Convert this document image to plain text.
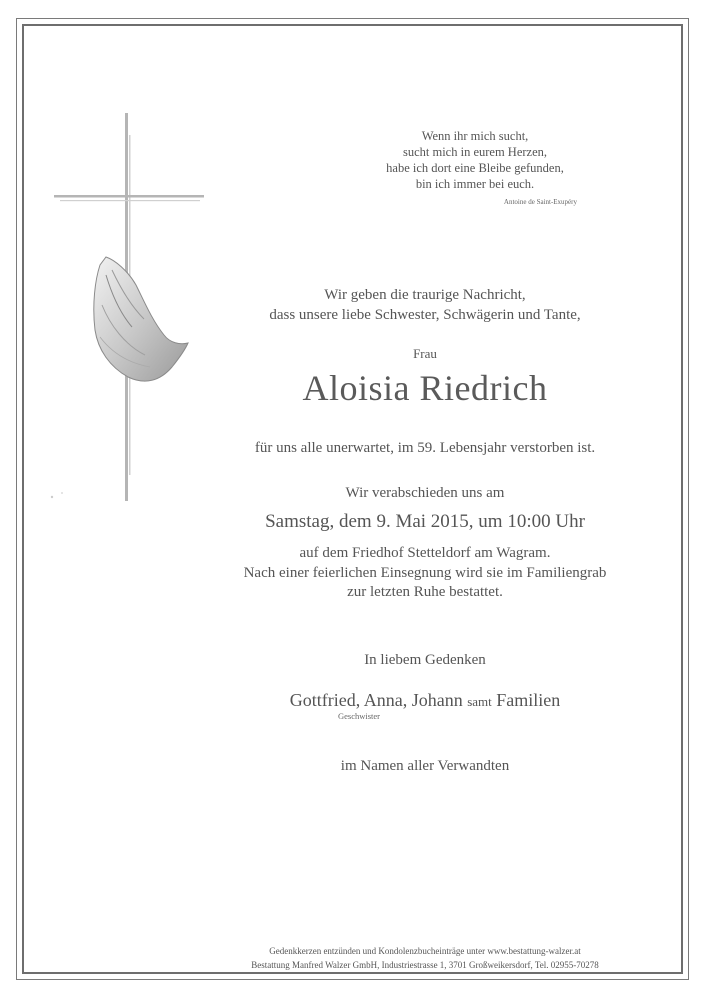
Wenn ihr mich sucht,
sucht mich in eurem Herzen,
habe ich dort eine Bleibe gefunden,
bin ich immer bei euch.
Antoine de Saint-Exupéry
Wir geben die traurige Nachricht,
dass unsere liebe Schwester, Schwägerin und Tante,
Frau
Aloisia Riedrich
für uns alle unerwartet, im 59. Lebensjahr verstorben ist.
Wir verabschieden uns am
Samstag, dem 9. Mai 2015, um 10:00 Uhr
auf dem Friedhof Stetteldorf am Wagram.
Nach einer feierlichen Einsegnung wird sie im Familiengrab
zur letzten Ruhe bestattet.
In liebem Gedenken
Gottfried, Anna, Johann samt Familien
Geschwister
im Namen aller Verwandten
Gedenkkerzen entzünden und Kondolenzbucheinträge unter www.bestattung-walzer.at
Bestattung Manfred Walzer GmbH, Industriestrasse 1, 3701 Großweikersdorf, Tel. 02955-70278
